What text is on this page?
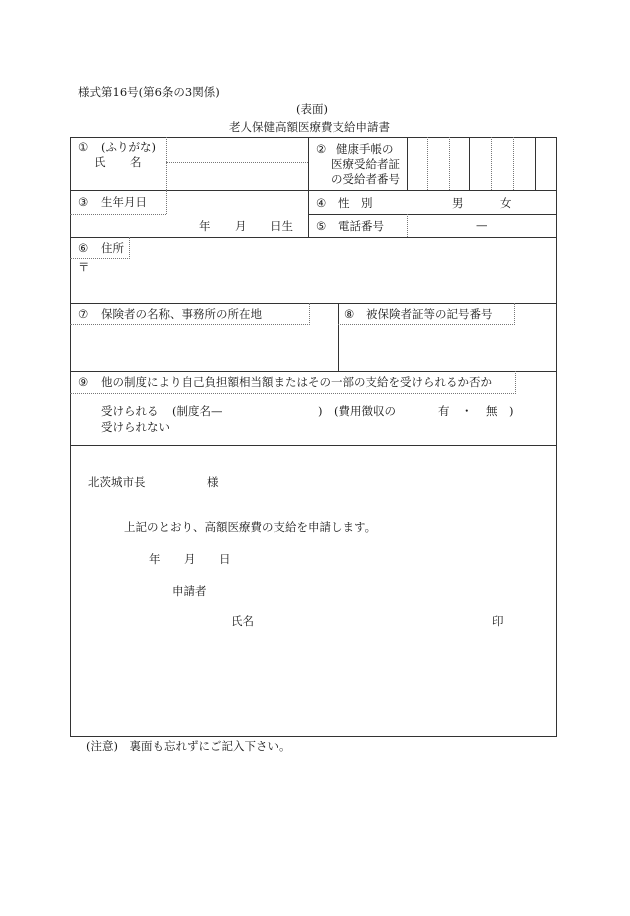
様式第16号(第6条の3関係)
(表面)
老人保健高額医療費支給申請書
① (ふりがな)
氏 名
② 健康手帳の
医療受給者証
の受給者番号
③ 生年月日
年 月 日生
④ 性　別	男	女
⑤ 電話番号	—
⑥ 住所
〒
⑦ 保険者の名称、事務所の所在地	⑧ 被保険者証等の記号番号
⑨ 他の制度により自己負担額相当額またはその一部の支給を受けられるか否か
受けられる (制度名—	) (費用徴収の	有 ・ 無 )
受けられない
北茨城市長	様
上記のとおり、高額医療費の支給を申請します。
年 月 日
申請者
氏名	印
(注意)　裏面も忘れずにご記入下さい。
